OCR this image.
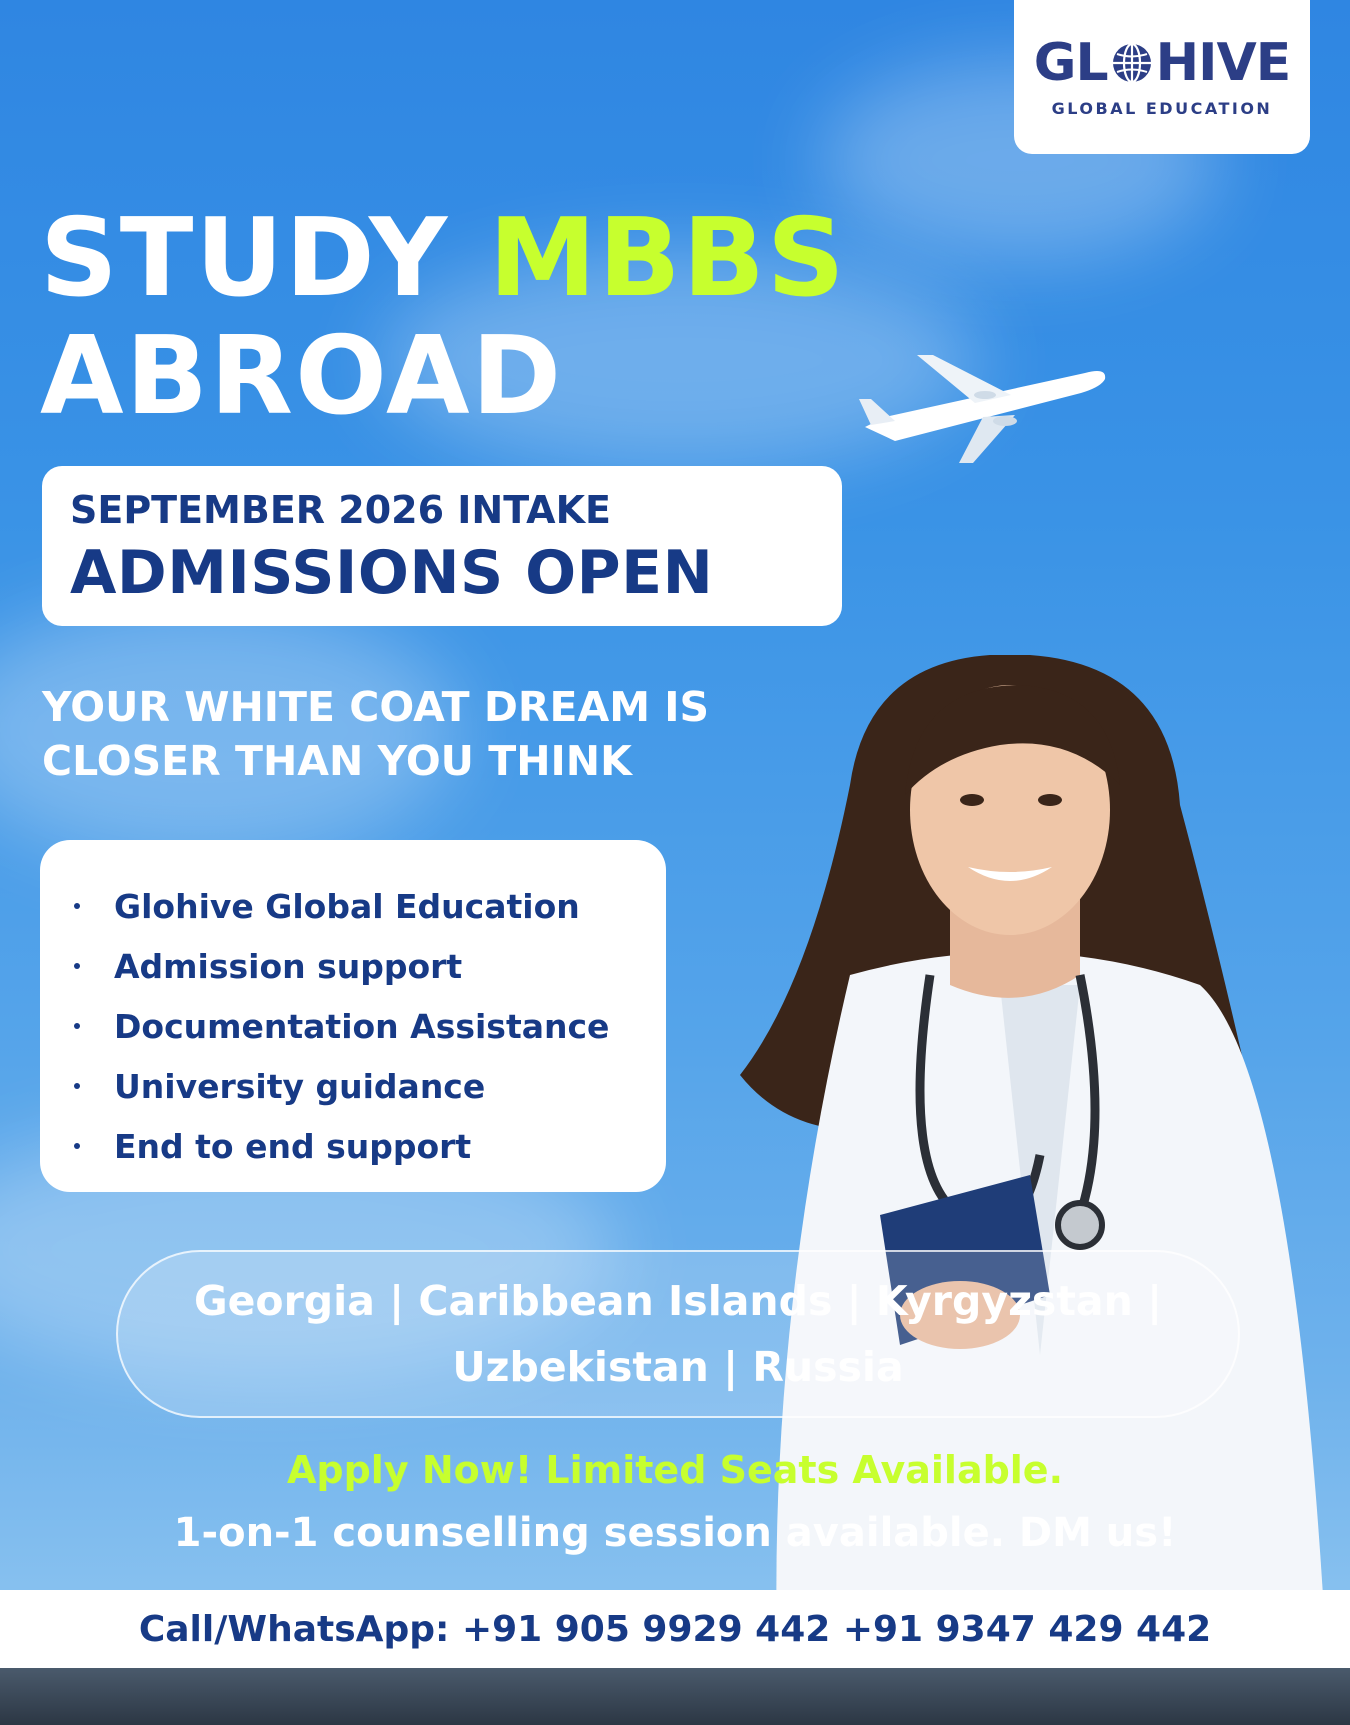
GL HIVE
GLOBAL EDUCATION
STUDY MBBS
ABROAD
SEPTEMBER 2026 INTAKE
ADMISSIONS OPEN
YOUR WHITE COAT DREAM IS
CLOSER THAN YOU THINK
Glohive Global Education
Admission support
Documentation Assistance
University guidance
End to end support
Georgia | Caribbean Islands | Kyrgyzstan |
Uzbekistan | Russia
Apply Now! Limited Seats Available.
1-on-1 counselling session available. DM us!
Call/WhatsApp: +91 905 9929 442 +91 9347 429 442
